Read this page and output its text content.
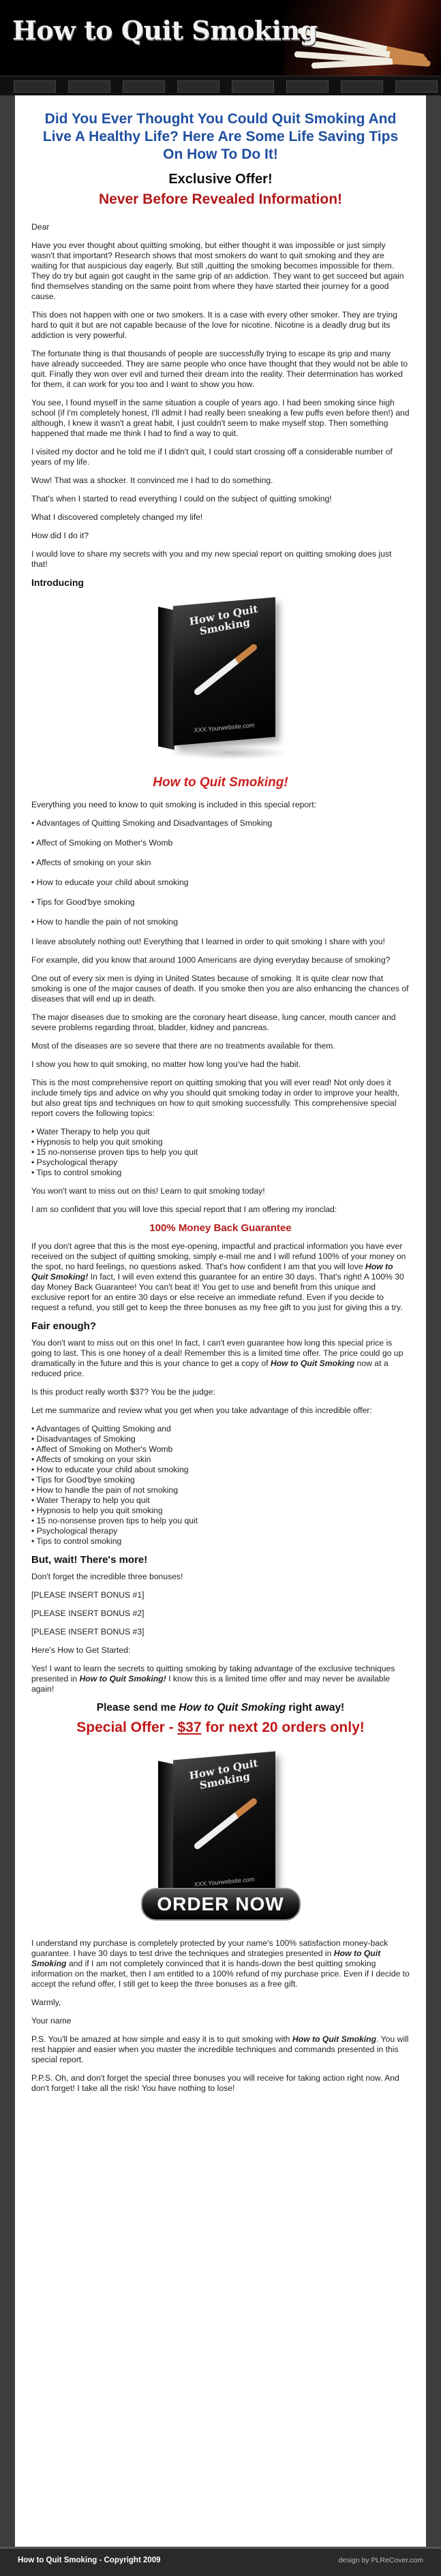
How to Quit Smoking
Did You Ever Thought You Could Quit Smoking And Live A Healthy Life? Here Are Some Life Saving Tips On How To Do It!
Exclusive Offer!
Never Before Revealed Information!

Dear

Have you ever thought about quitting smoking, but either thought it was impossible or just simply wasn't that important? Research shows that most smokers do want to quit smoking and they are waiting for that auspicious day eagerly. But still ,quitting the smoking becomes impossible for them. They do try but again got caught in the same grip of an addiction. They want to get succeed but again find themselves standing on the same point from where they have started their journey for a good cause.

This does not happen with one or two smokers. It is a case with every other smoker. They are trying hard to quit it but are not capable because of the love for nicotine. Nicotine is a deadly drug but its addiction is very powerful.

The fortunate thing is that thousands of people are successfully trying to escape its grip and many have already succeeded. They are same people who once have thought that they would not be able to quit. Finally they won over evil and turned their dream into the reality. Their determination has worked for them, it can work for you too and I want to show you how.

You see, I found myself in the same situation a couple of years ago. I had been smoking since high school (if I'm completely honest, I'll admit I had really been sneaking a few puffs even before then!) and although, I knew it wasn't a great habit, I just couldn't seem to make myself stop. Then something happened that made me think I had to find a way to quit.

I visited my doctor and he told me if I didn't quit, I could start crossing off a considerable number of years of my life.

Wow! That was a shocker. It convinced me I had to do something.

That's when I started to read everything I could on the subject of quitting smoking!

What I discovered completely changed my life!

How did I do it?

I would love to share my secrets with you and my new special report on quitting smoking does just that!

Introducing
How to Quit Smoking
XXX.Yourwebsite.com
How to Quit Smoking!

Everything you need to know to quit smoking is included in this special report:

• Advantages of Quitting Smoking and Disadvantages of Smoking
• Affect of Smoking on Mother's Womb
• Affects of smoking on your skin
• How to educate your child about smoking
• Tips for Good'bye smoking
• How to handle the pain of not smoking

I leave absolutely nothing out! Everything that I learned in order to quit smoking I share with you!

For example, did you know that around 1000 Americans are dying everyday because of smoking?

One out of every six men is dying in United States because of smoking. It is quite clear now that smoking is one of the major causes of death. If you smoke then you are also enhancing the chances of diseases that will end up in death.

The major diseases due to smoking are the coronary heart disease, lung cancer, mouth cancer and severe problems regarding throat, bladder, kidney and pancreas.

Most of the diseases are so severe that there are no treatments available for them.

I show you how to quit smoking, no matter how long you've had the habit.

This is the most comprehensive report on quitting smoking that you will ever read! Not only does it include timely tips and advice on why you should quit smoking today in order to improve your health, but also great tips and techniques on how to quit smoking successfully. This comprehensive special report covers the following topics:

• Water Therapy to help you quit
• Hypnosis to help you quit smoking
• 15 no-nonsense proven tips to help you quit
• Psychological therapy
• Tips to control smoking

You won't want to miss out on this! Learn to quit smoking today!

I am so confident that you will love this special report that I am offering my ironclad:

100% Money Back Guarantee

If you don't agree that this is the most eye-opening, impactful and practical information you have ever received on the subject of quitting smoking, simply e-mail me and I will refund 100% of your money on the spot, no hard feelings, no questions asked. That's how confident I am that you will love How to Quit Smoking! In fact, I will even extend this guarantee for an entire 30 days. That's right! A 100% 30 day Money Back Guarantee! You can't beat it! You get to use and benefit from this unique and exclusive report for an entire 30 days or else receive an immediate refund. Even if you decide to request a refund, you still get to keep the three bonuses as my free gift to you just for giving this a try.

Fair enough?

You don't want to miss out on this one! In fact, I can't even guarantee how long this special price is going to last. This is one honey of a deal! Remember this is a limited time offer. The price could go up dramatically in the future and this is your chance to get a copy of How to Quit Smoking now at a reduced price.

Is this product really worth $37? You be the judge:

Let me summarize and review what you get when you take advantage of this incredible offer:

• Advantages of Quitting Smoking and
• Disadvantages of Smoking
• Affect of Smoking on Mother's Womb
• Affects of smoking on your skin
• How to educate your child about smoking
• Tips for Good'bye smoking
• How to handle the pain of not smoking
• Water Therapy to help you quit
• Hypnosis to help you quit smoking
• 15 no-nonsense proven tips to help you quit
• Psychological therapy
• Tips to control smoking
But, wait! There's more!

Don't forget the incredible three bonuses!

[PLEASE INSERT BONUS #1]

[PLEASE INSERT BONUS #2]

[PLEASE INSERT BONUS #3]

Here's How to Get Started:

Yes! I want to learn the secrets to quitting smoking by taking advantage of the exclusive techniques presented in How to Quit Smoking! I know this is a limited time offer and may never be available again!

Please send me How to Quit Smoking right away!
Special Offer - $37 for next 20 orders only!
How to Quit Smoking
XXX.Yourwebsite.com
ORDER NOW

I understand my purchase is completely protected by your name's 100% satisfaction money-back guarantee. I have 30 days to test drive the techniques and strategies presented in How to Quit Smoking and if I am not completely convinced that it is hands-down the best quitting smoking information on the market, then I am entitled to a 100% refund of my purchase price. Even if I decide to accept the refund offer, I still get to keep the three bonuses as a free gift.

Warmly,

Your name

P.S. You'll be amazed at how simple and easy it is to quit smoking with How to Quit Smoking. You will rest happier and easier when you master the incredible techniques and commands presented in this special report.

P.P.S. Oh, and don't forget the special three bonuses you will receive for taking action right now. And don't forget! I take all the risk! You have nothing to lose!

How to Quit Smoking - Copyright 2009	design by PLReCover.com
